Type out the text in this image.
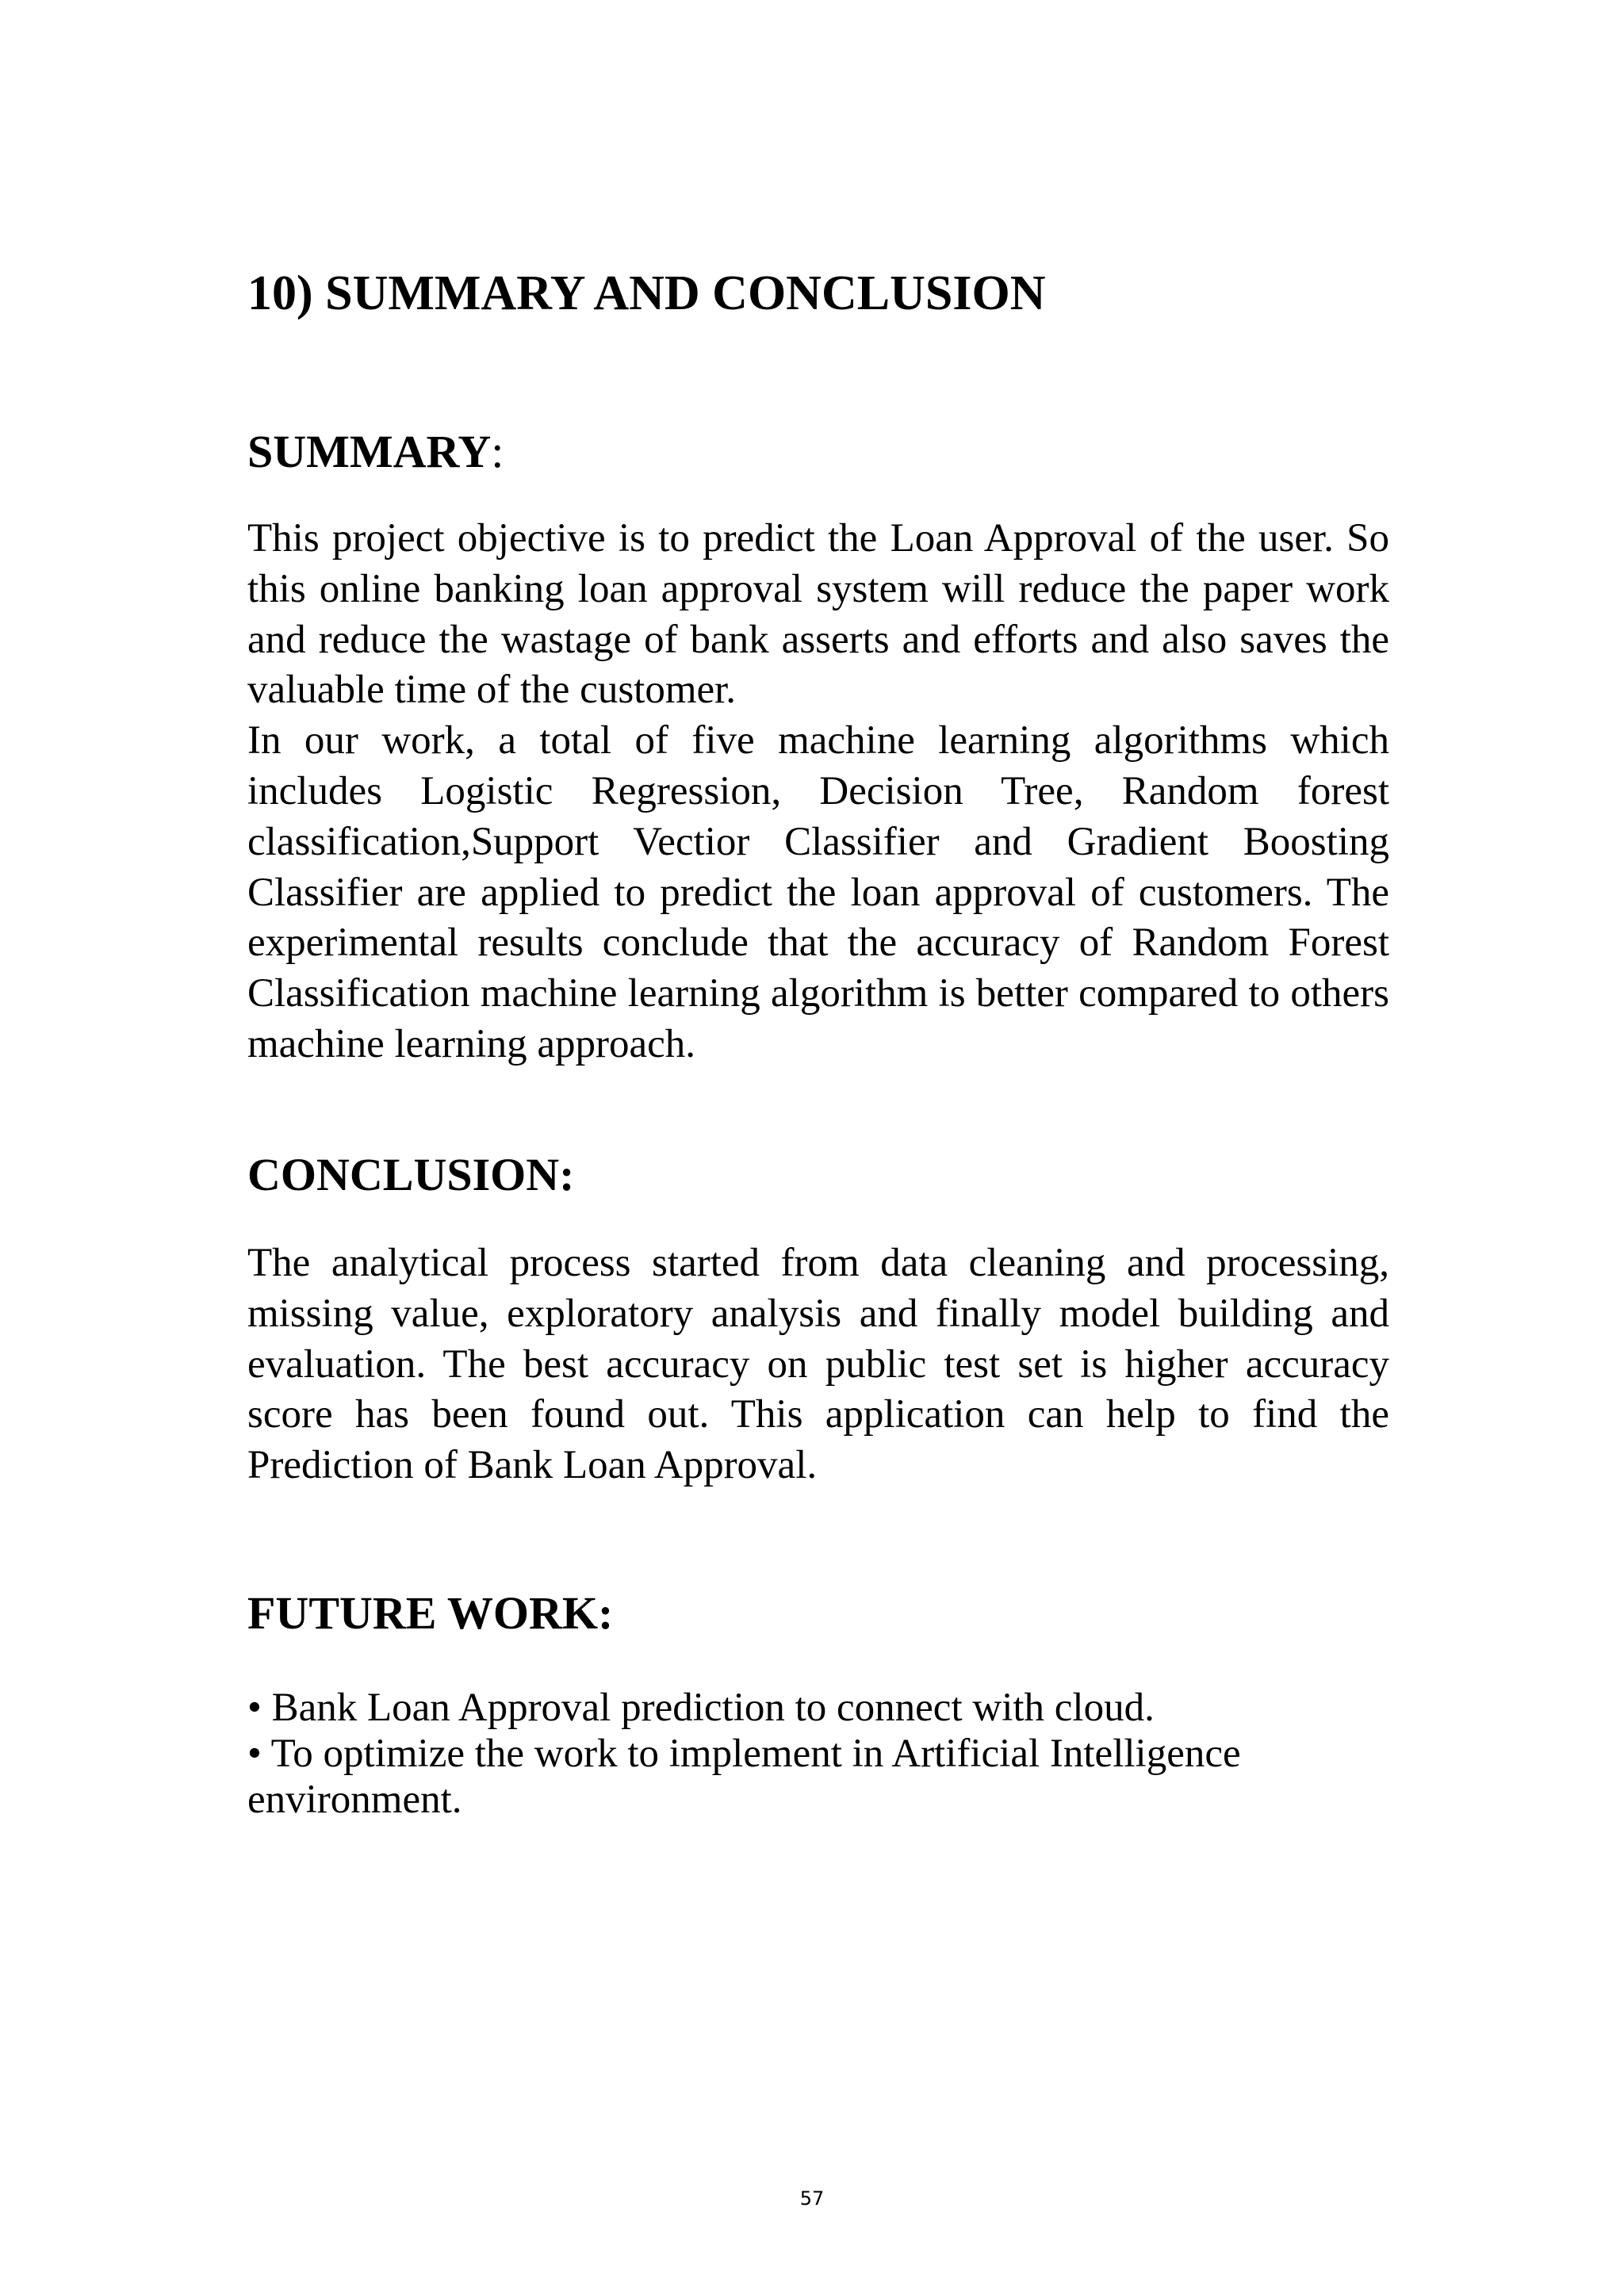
10) SUMMARY AND CONCLUSION
SUMMARY:

This project objective is to predict the Loan Approval of the user. So this online banking loan approval system will reduce the paper work and reduce the wastage of bank asserts and efforts and also saves the valuable time of the customer.

In our work, a total of five machine learning algorithms which includes Logistic Regression, Decision Tree, Random forest classification,Support Vectior Classifier and Gradient Boosting Classifier are applied to predict the loan approval of customers. The experimental results conclude that the accuracy of Random Forest Classification machine learning algorithm is better compared to others machine learning approach.

CONCLUSION:

The analytical process started from data cleaning and processing, missing value, exploratory analysis and finally model building and evaluation. The best accuracy on public test set is higher accuracy score has been found out. This application can help to find the Prediction of Bank Loan Approval.

FUTURE WORK:
• Bank Loan Approval prediction to connect with cloud.
• To optimize the work to implement in Artificial Intelligence environment.
57
